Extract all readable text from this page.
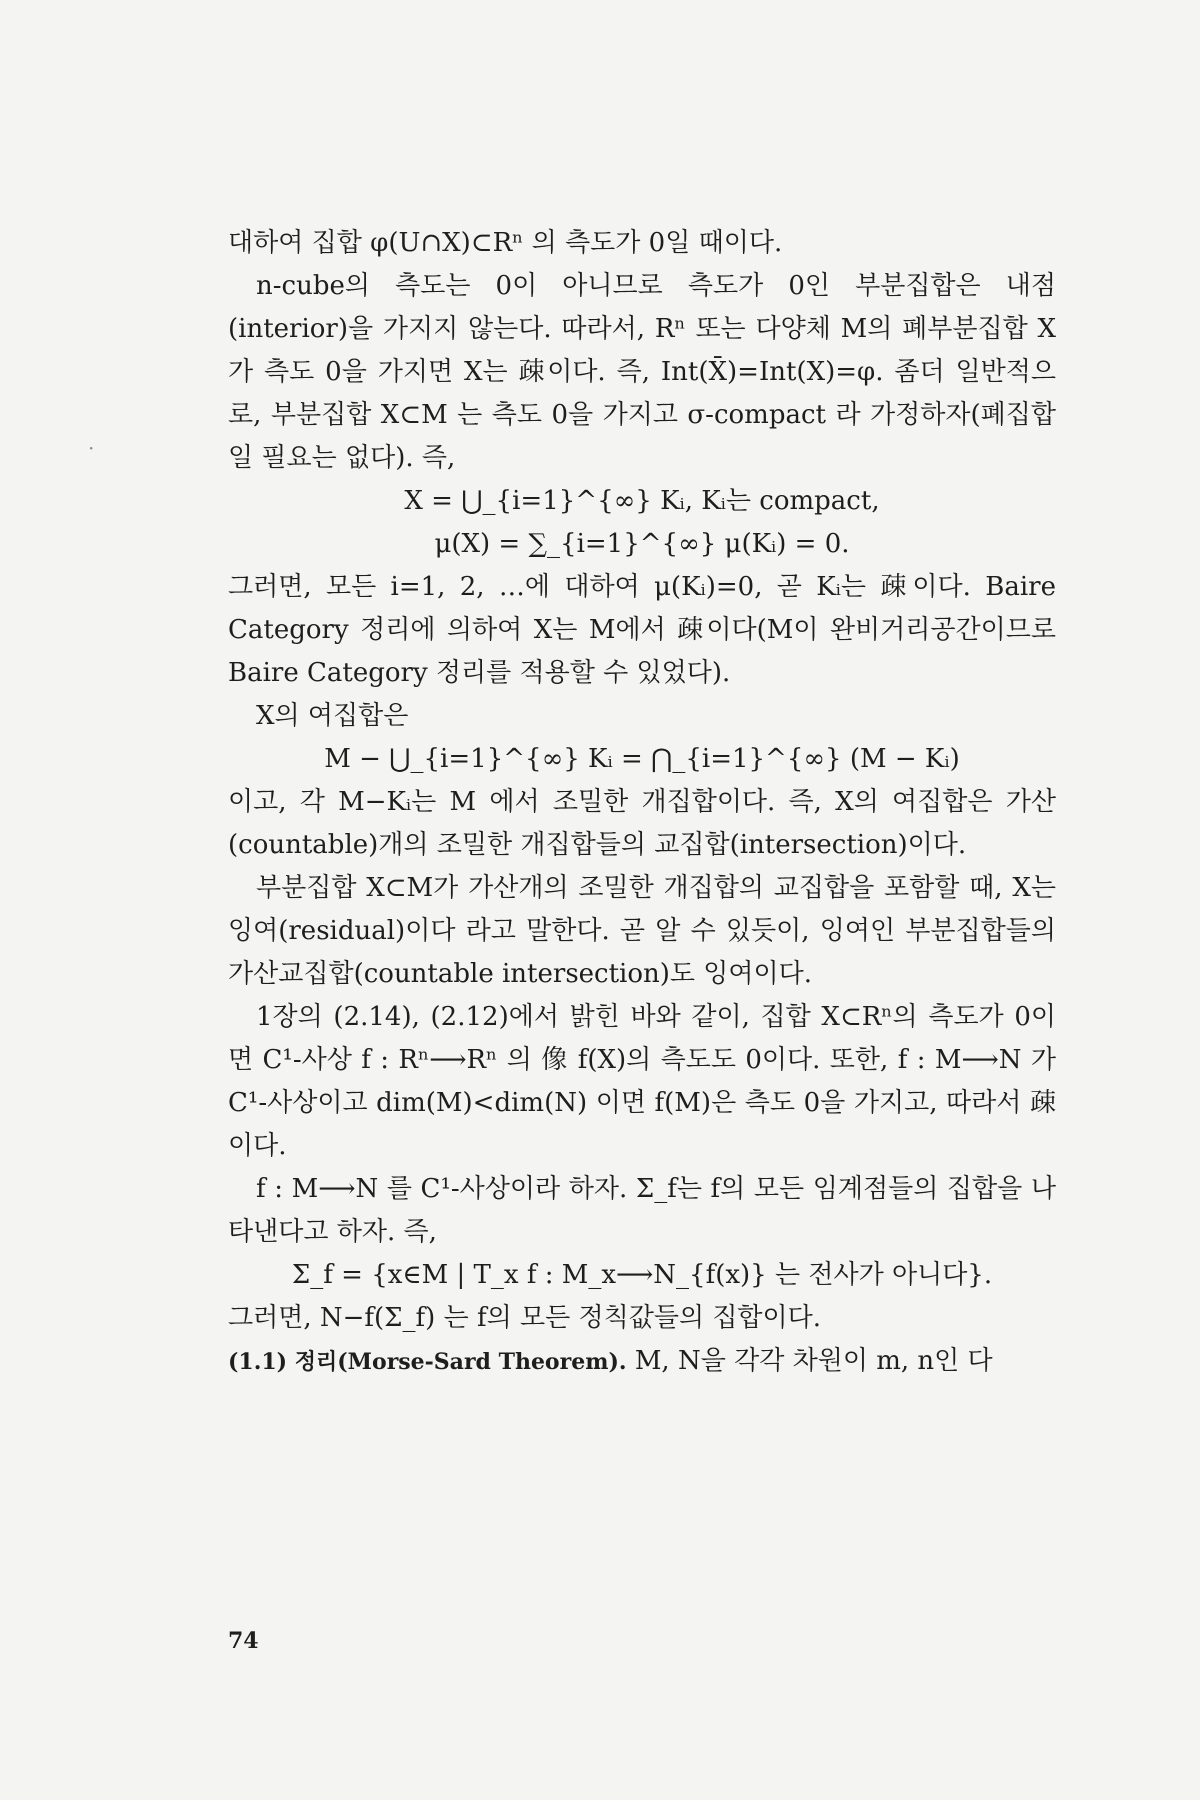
대하여 집합 φ(U∩X)⊂Rⁿ 의 측도가 0일 때이다.

n-cube의 측도는 0이 아니므로 측도가 0인 부분집합은 내점(interior)을 가지지 않는다. 따라서, Rⁿ 또는 다양체 M의 폐부분집합 X가 측도 0을 가지면 X는 疎이다. 즉, Int(X̄)=Int(X)=φ. 좀더 일반적으로, 부분집합 X⊂M 는 측도 0을 가지고 σ-compact 라 가정하자(폐집합일 필요는 없다). 즉,

X = ⋃_{i=1}^{∞} Kᵢ, Kᵢ는 compact,

μ(X) = ∑_{i=1}^{∞} μ(Kᵢ) = 0.

그러면, 모든 i=1, 2, …에 대하여 μ(Kᵢ)=0, 곧 Kᵢ는 疎이다. Baire Category 정리에 의하여 X는 M에서 疎이다(M이 완비거리공간이므로 Baire Category 정리를 적용할 수 있었다).

X의 여집합은

M − ⋃_{i=1}^{∞} Kᵢ = ⋂_{i=1}^{∞} (M − Kᵢ)

이고, 각 M−Kᵢ는 M 에서 조밀한 개집합이다. 즉, X의 여집합은 가산(countable)개의 조밀한 개집합들의 교집합(intersection)이다.

부분집합 X⊂M가 가산개의 조밀한 개집합의 교집합을 포함할 때, X는 잉여(residual)이다 라고 말한다. 곧 알 수 있듯이, 잉여인 부분집합들의 가산교집합(countable intersection)도 잉여이다.

1장의 (2.14), (2.12)에서 밝힌 바와 같이, 집합 X⊂Rⁿ의 측도가 0이면 C¹-사상 f : Rⁿ⟶Rⁿ 의 像 f(X)의 측도도 0이다. 또한, f : M⟶N 가 C¹-사상이고 dim(M)<dim(N) 이면 f(M)은 측도 0을 가지고, 따라서 疎이다.

f : M⟶N 를 C¹-사상이라 하자. Σ_f는 f의 모든 임계점들의 집합을 나타낸다고 하자. 즉,

Σ_f = {x∈M | T_x f : M_x⟶N_{f(x)} 는 전사가 아니다}.

그러면, N−f(Σ_f) 는 f의 모든 정칙값들의 집합이다.

(1.1) 정리(Morse-Sard Theorem). M, N을 각각 차원이 m, n인 다

74
·
